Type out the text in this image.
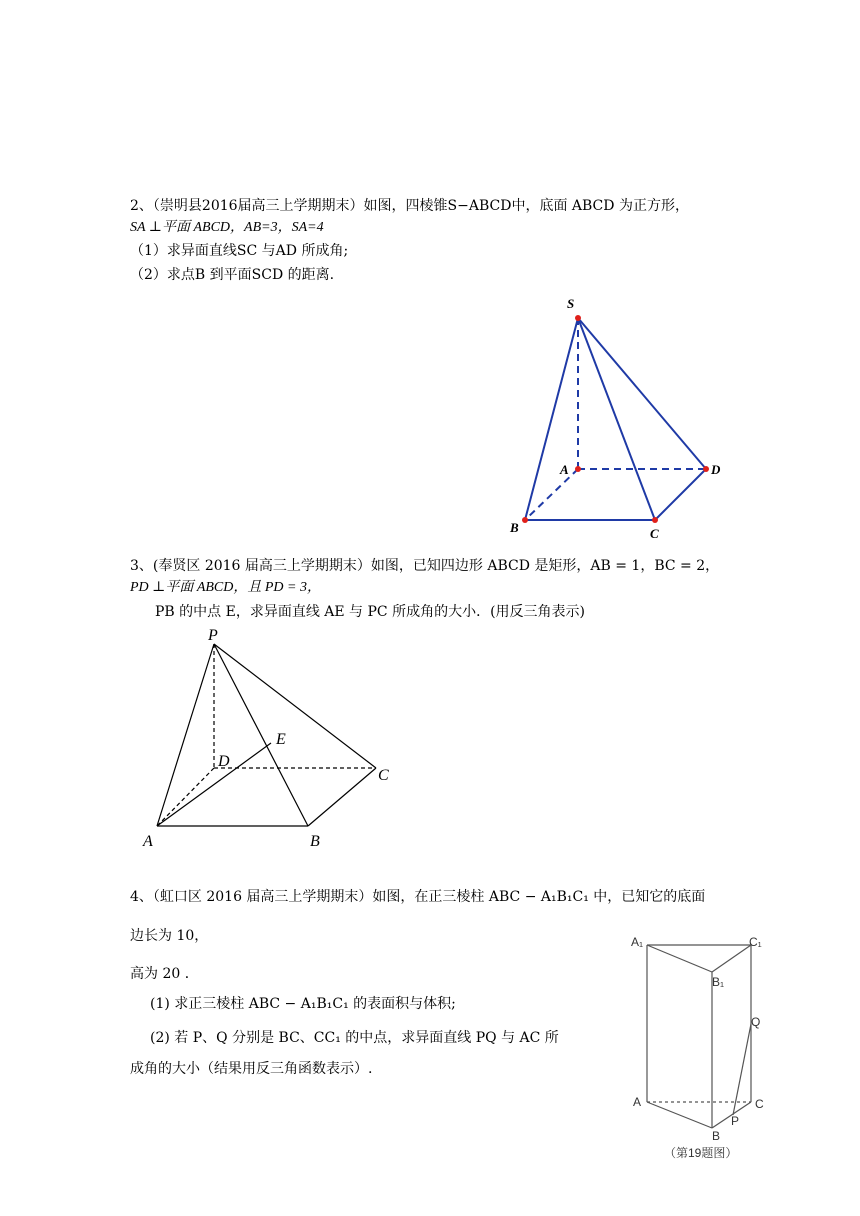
2、（崇明县2016届高三上学期期末）如图，四棱锥S−ABCD中，底面 ABCD 为正方形，
SA ⊥平面 ABCD，AB=3，SA=4
（1）求异面直线SC 与AD 所成角;
（2）求点B 到平面SCD 的距离.
S
A	D
B	C
3、(奉贤区 2016 届高三上学期期末）如图，已知四边形 ABCD 是矩形，AB = 1，BC = 2，
PD ⊥平面 ABCD，且 PD = 3，
PB 的中点 E，求异面直线 AE 与 PC 所成角的大小．(用反三角表示)
P
E
D
C
A	B
4、（虹口区 2016 届高三上学期期末）如图，在正三棱柱 ABC − A₁B₁C₁ 中，已知它的底面
边长为 10，
高为 20 ．
(1) 求正三棱柱 ABC − A₁B₁C₁ 的表面积与体积;
(2) 若 P、Q 分别是 BC、CC₁ 的中点，求异面直线 PQ 与 AC 所
成角的大小（结果用反三角函数表示）.
A₁	C₁
B₁
Q
A	C
P
B
（第19题图）
